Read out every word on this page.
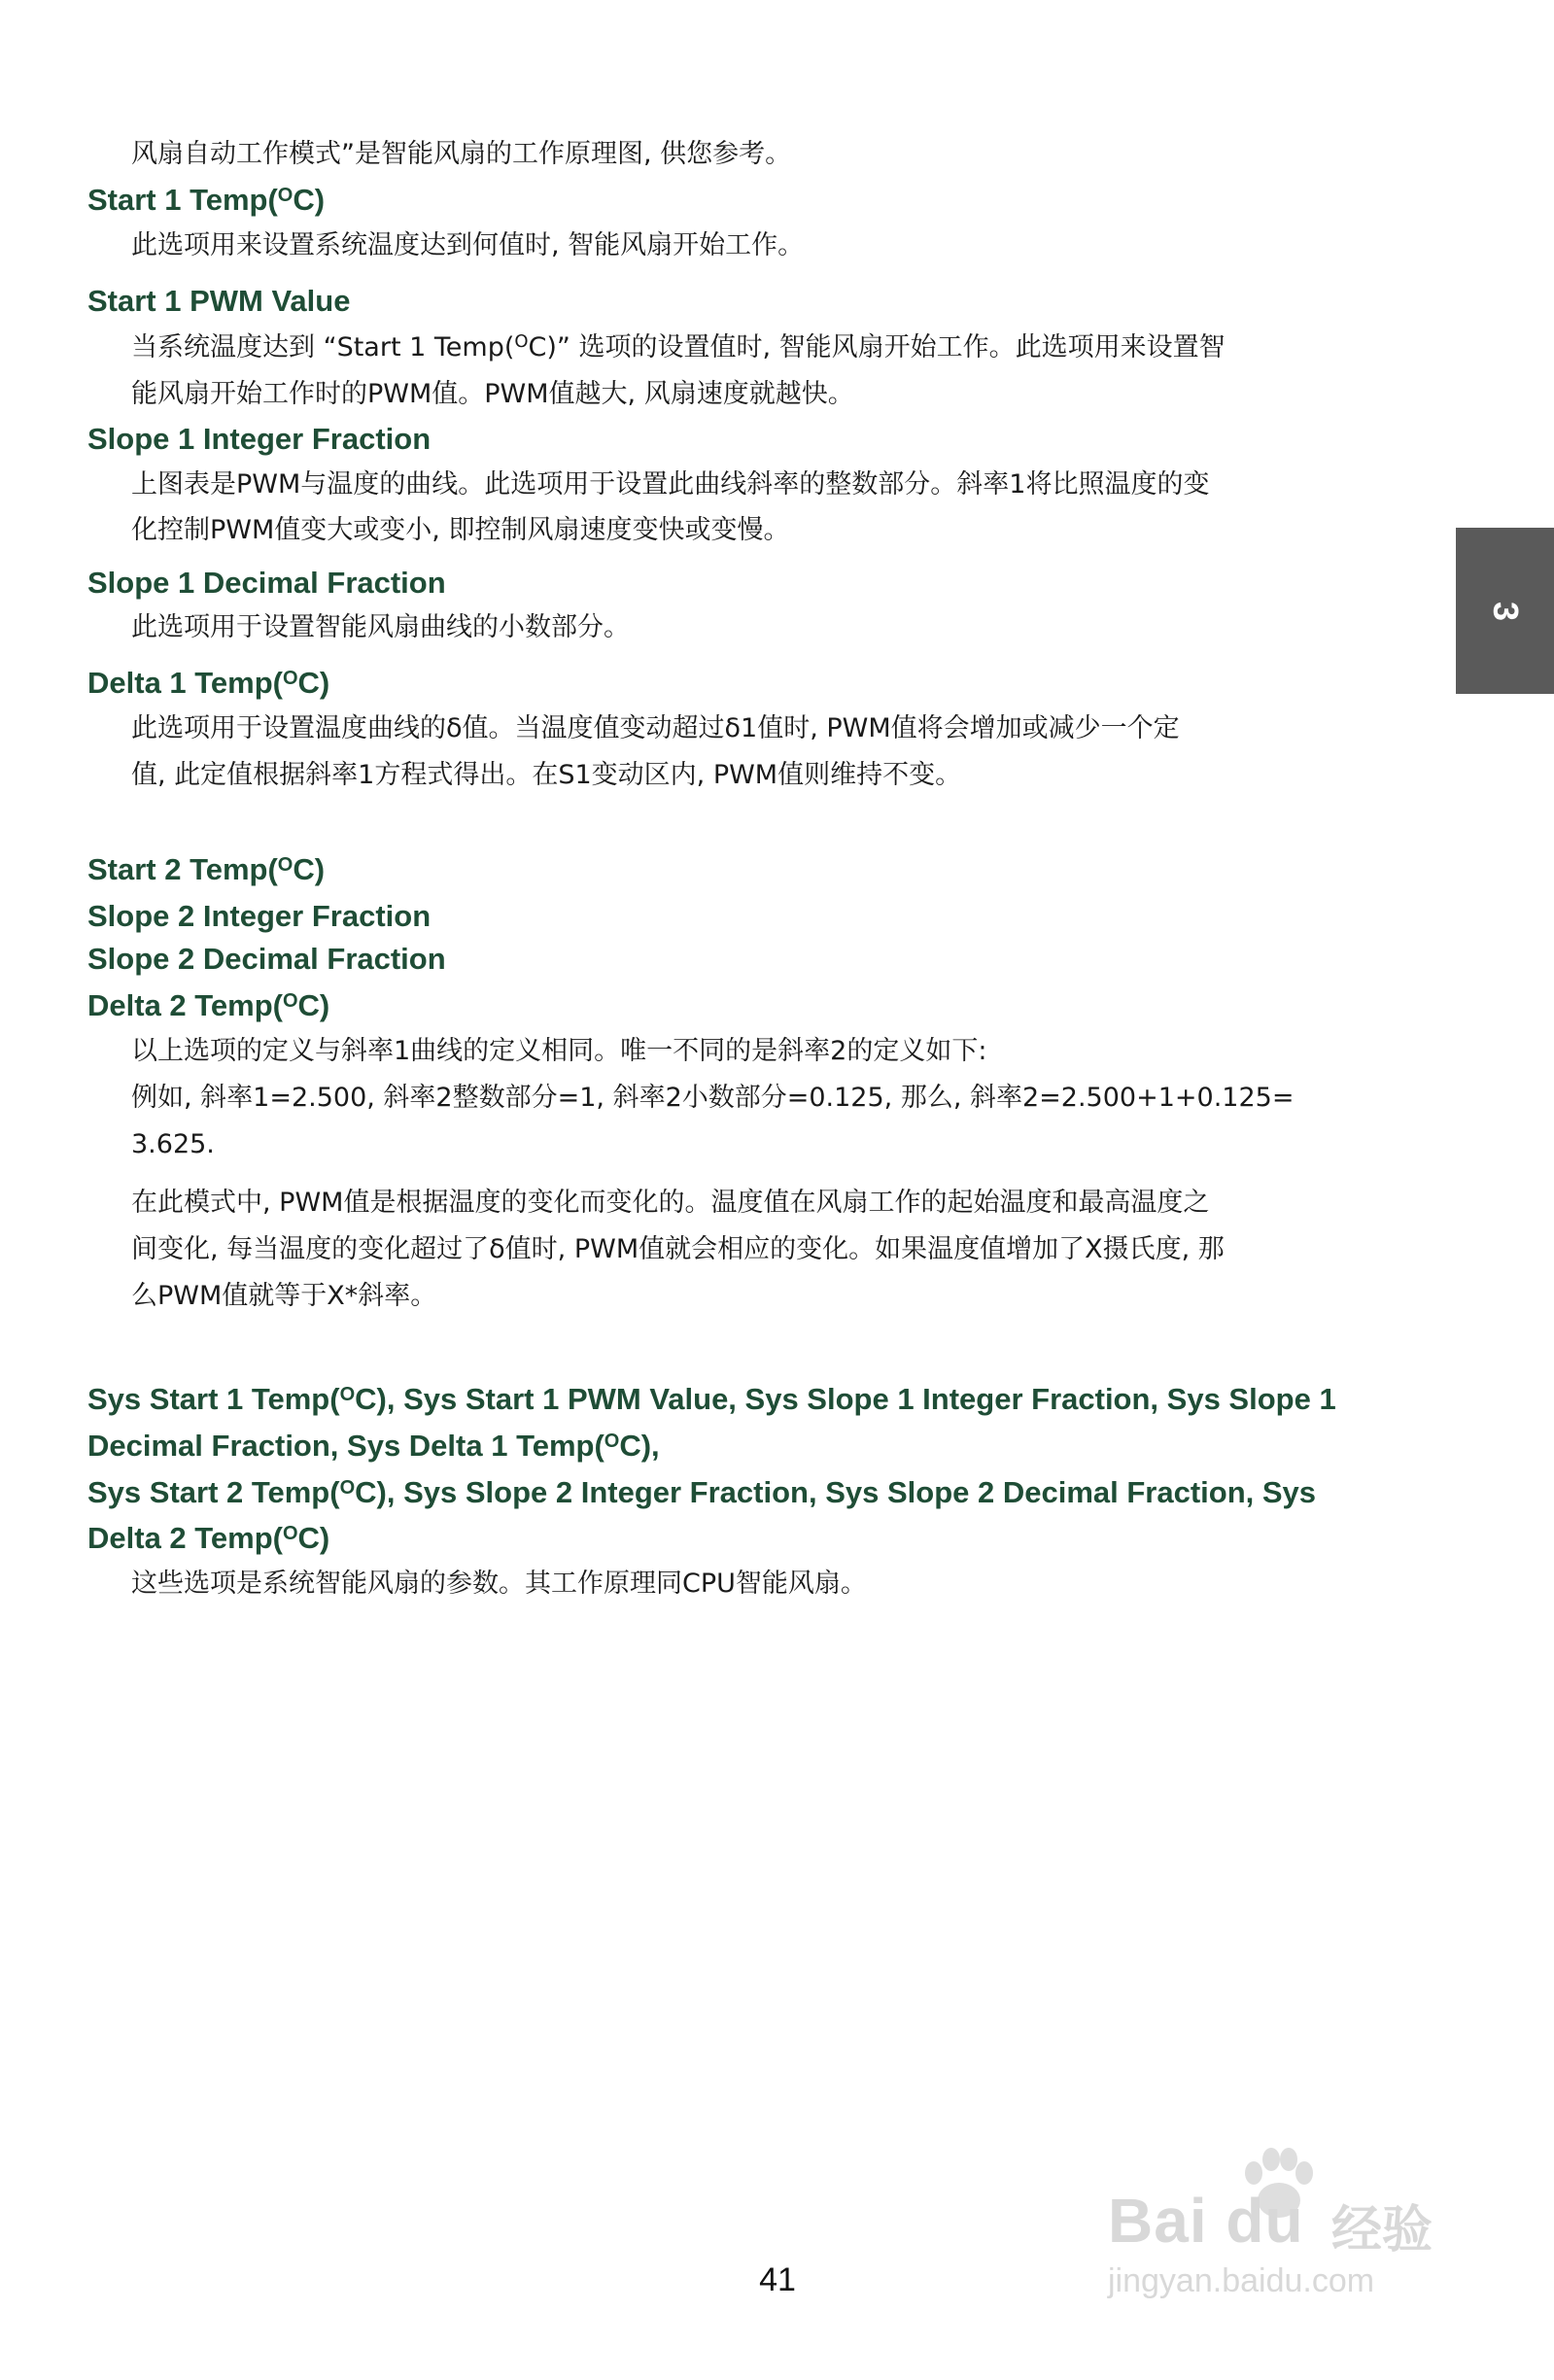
风扇自动工作模式”是智能风扇的工作原理图, 供您参考。
Start 1 Temp($^O$C)
此选项用来设置系统温度达到何值时, 智能风扇开始工作。
Start 1 PWM Value
当系统温度达到 “Start 1 Temp($^O$C)” 选项的设置值时, 智能风扇开始工作。此选项用来设置智
能风扇开始工作时的PWM值。PWM值越大, 风扇速度就越快。
Slope 1 Integer Fraction
上图表是PWM与温度的曲线。此选项用于设置此曲线斜率的整数部分。斜率1将比照温度的变
化控制PWM值变大或变小, 即控制风扇速度变快或变慢。
Slope 1 Decimal Fraction
此选项用于设置智能风扇曲线的小数部分。
Delta 1 Temp($^O$C)
此选项用于设置温度曲线的δ值。当温度值变动超过δ1值时, PWM值将会增加或减少一个定
值, 此定值根据斜率1方程式得出。在S1变动区内, PWM值则维持不变。
Start 2 Temp($^O$C)
Slope 2 Integer Fraction
Slope 2 Decimal Fraction
Delta 2 Temp($^O$C)
以上选项的定义与斜率1曲线的定义相同。唯一不同的是斜率2的定义如下:
例如, 斜率1=2.500, 斜率2整数部分=1, 斜率2小数部分=0.125, 那么, 斜率2=2.500+1+0.125=
3.625.
在此模式中, PWM值是根据温度的变化而变化的。温度值在风扇工作的起始温度和最高温度之
间变化, 每当温度的变化超过了δ值时, PWM值就会相应的变化。如果温度值增加了X摄氏度, 那
么PWM值就等于X*斜率。
Sys Start 1 Temp($^O$C), Sys Start 1 PWM Value, Sys Slope 1 Integer Fraction, Sys Slope 1
Decimal Fraction, Sys Delta 1 Temp($^O$C),
Sys Start 2 Temp($^O$C), Sys Slope 2 Integer Fraction, Sys Slope 2 Decimal Fraction, Sys
Delta 2 Temp($^O$C)
这些选项是系统智能风扇的参数。其工作原理同CPU智能风扇。
3
41
Bai du 经验
jingyan.baidu.com
